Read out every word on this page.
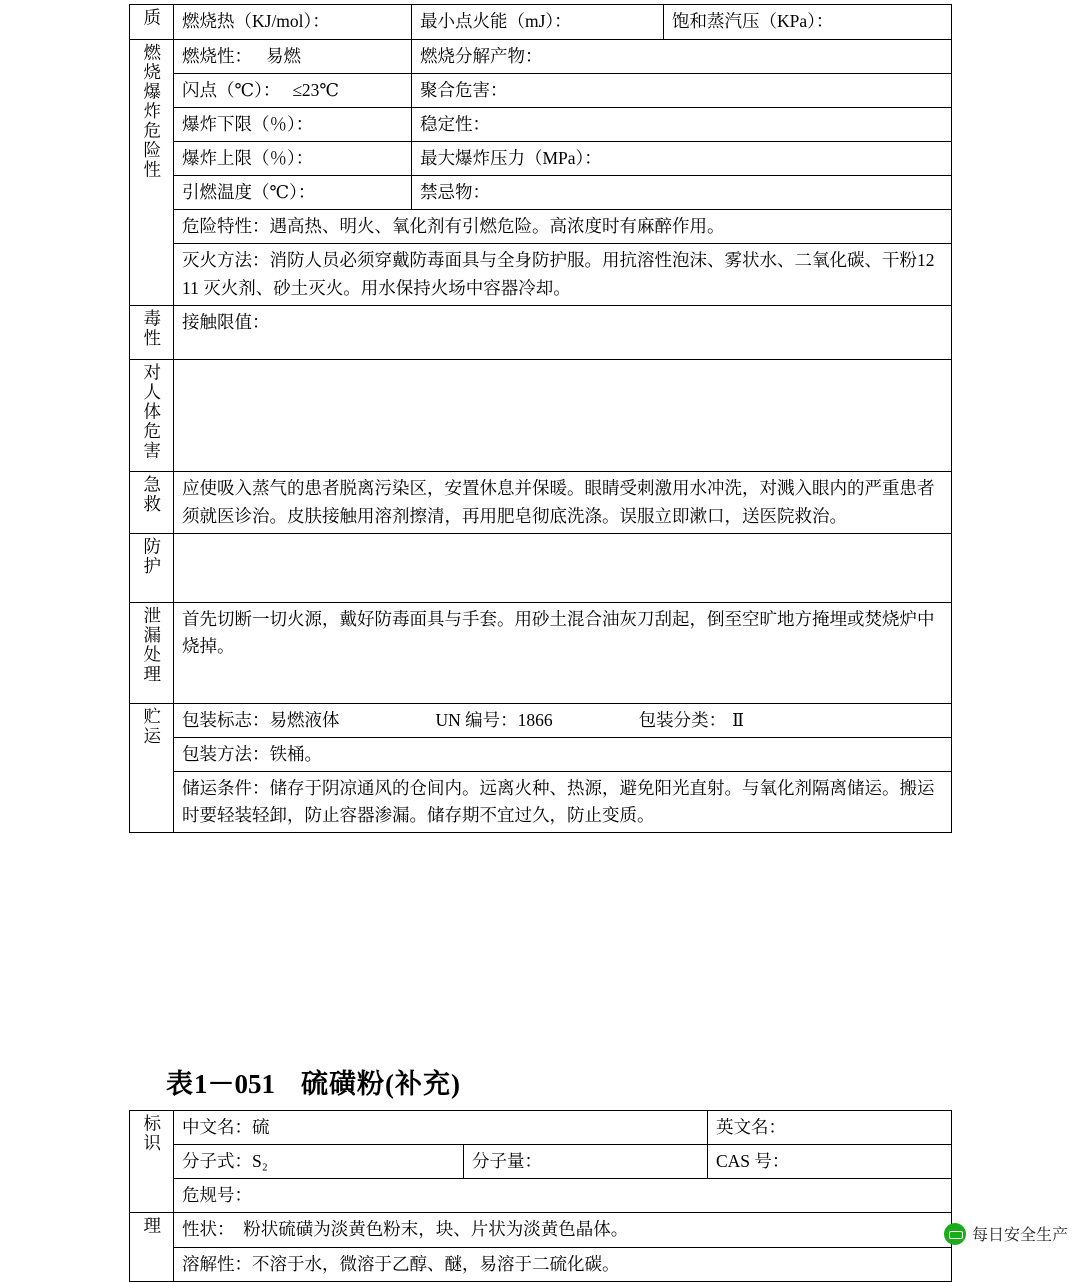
质	燃烧热（KJ/mol）：	最小点火能（mJ）：	饱和蒸汽压（KPa）：
燃烧爆炸危险性	燃烧性： 易燃	燃烧分解产物：	
	闪点（℃）： ≤23℃	聚合危害：	
	爆炸下限（％）：	稳定性：	
	爆炸上限（％）：	最大爆炸压力（MPa）：	
	引燃温度（℃）：	禁忌物：	
	危险特性：遇高热、明火、氧化剂有引燃危险。高浓度时有麻醉作用。		
	灭火方法：消防人员必须穿戴防毒面具与全身防护服。用抗溶性泡沫、雾状水、二氧化碳、干粉1211 灭火剂、砂土灭火。用水保持火场中容器冷却。		
毒性	接触限值：		
对人体危害			
急救	应使吸入蒸气的患者脱离污染区，安置休息并保暖。眼睛受刺激用水冲洗，对溅入眼内的严重患者须就医诊治。皮肤接触用溶剂擦清，再用肥皂彻底洗涤。误服立即漱口，送医院救治。		
防护			
泄漏处理	首先切断一切火源，戴好防毒面具与手套。用砂土混合油灰刀刮起，倒至空旷地方掩埋或焚烧炉中烧掉。		
贮运	包装标志：易燃液体 UN 编号：1866 包装分类： Ⅱ		
	包装方法：铁桶。		
	储运条件：储存于阴凉通风的仓间内。远离火种、热源，避免阳光直射。与氧化剂隔离储运。搬运时要轻装轻卸，防止容器渗漏。储存期不宜过久，防止变质。		
表1－051 硫磺粉(补充)
标识	中文名：硫		英文名：
	分子式：S₂	分子量：	CAS 号：
	危规号：		
理	性状：　粉状硫磺为淡黄色粉末，块、片状为淡黄色晶体。		
	溶解性：不溶于水，微溶于乙醇、醚，易溶于二硫化碳。		
每日安全生产
